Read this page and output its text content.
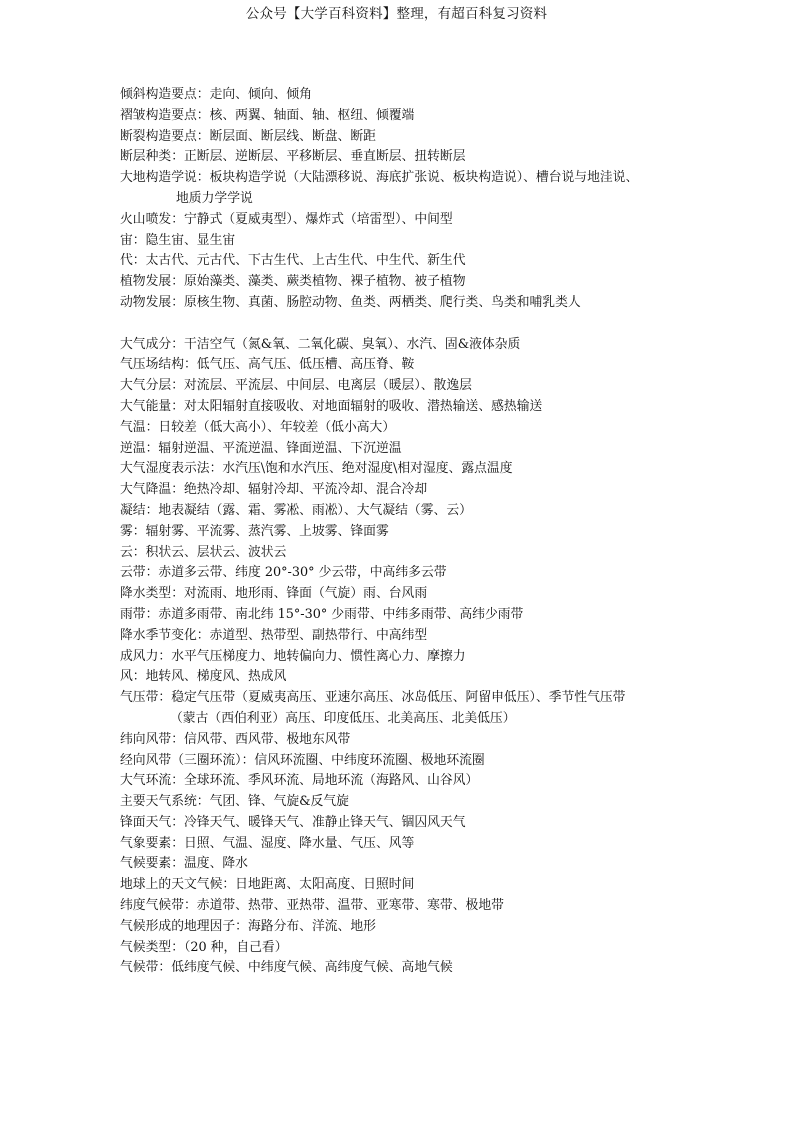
公众号【大学百科资料】整理，有超百科复习资料
倾斜构造要点：走向、倾向、倾角
褶皱构造要点：核、两翼、轴面、轴、枢纽、倾覆端
断裂构造要点：断层面、断层线、断盘、断距
断层种类：正断层、逆断层、平移断层、垂直断层、扭转断层
大地构造学说：板块构造学说（大陆漂移说、海底扩张说、板块构造说）、槽台说与地洼说、
地质力学学说
火山喷发：宁静式（夏威夷型）、爆炸式（培雷型）、中间型
宙：隐生宙、显生宙
代：太古代、元古代、下古生代、上古生代、中生代、新生代
植物发展：原始藻类、藻类、蕨类植物、裸子植物、被子植物
动物发展：原核生物、真菌、肠腔动物、鱼类、两栖类、爬行类、鸟类和哺乳类人
大气成分：干洁空气（氮&氧、二氧化碳、臭氧）、水汽、固&液体杂质
气压场结构：低气压、高气压、低压槽、高压脊、鞍
大气分层：对流层、平流层、中间层、电离层（暖层）、散逸层
大气能量：对太阳辐射直接吸收、对地面辐射的吸收、潜热输送、感热输送
气温：日较差（低大高小）、年较差（低小高大）
逆温：辐射逆温、平流逆温、锋面逆温、下沉逆温
大气湿度表示法：水汽压\饱和水汽压、绝对湿度\相对湿度、露点温度
大气降温：绝热冷却、辐射冷却、平流冷却、混合冷却
凝结：地表凝结（露、霜、雾凇、雨凇）、大气凝结（雾、云）
雾：辐射雾、平流雾、蒸汽雾、上坡雾、锋面雾
云：积状云、层状云、波状云
云带：赤道多云带、纬度 20°-30° 少云带，中高纬多云带
降水类型：对流雨、地形雨、锋面（气旋）雨、台风雨
雨带：赤道多雨带、南北纬 15°-30° 少雨带、中纬多雨带、高纬少雨带
降水季节变化：赤道型、热带型、副热带行、中高纬型
成风力：水平气压梯度力、地转偏向力、惯性离心力、摩擦力
风：地转风、梯度风、热成风
气压带：稳定气压带（夏威夷高压、亚速尔高压、冰岛低压、阿留申低压）、季节性气压带
（蒙古（西伯利亚）高压、印度低压、北美高压、北美低压）
纬向风带：信风带、西风带、极地东风带
经向风带（三圈环流）：信风环流圈、中纬度环流圈、极地环流圈
大气环流：全球环流、季风环流、局地环流（海路风、山谷风）
主要天气系统：气团、锋、气旋&反气旋
锋面天气：冷锋天气、暖锋天气、准静止锋天气、锢囚风天气
气象要素：日照、气温、湿度、降水量、气压、风等
气候要素：温度、降水
地球上的天文气候：日地距离、太阳高度、日照时间
纬度气候带：赤道带、热带、亚热带、温带、亚寒带、寒带、极地带
气候形成的地理因子：海路分布、洋流、地形
气候类型：（20 种，自己看）
气候带：低纬度气候、中纬度气候、高纬度气候、高地气候
